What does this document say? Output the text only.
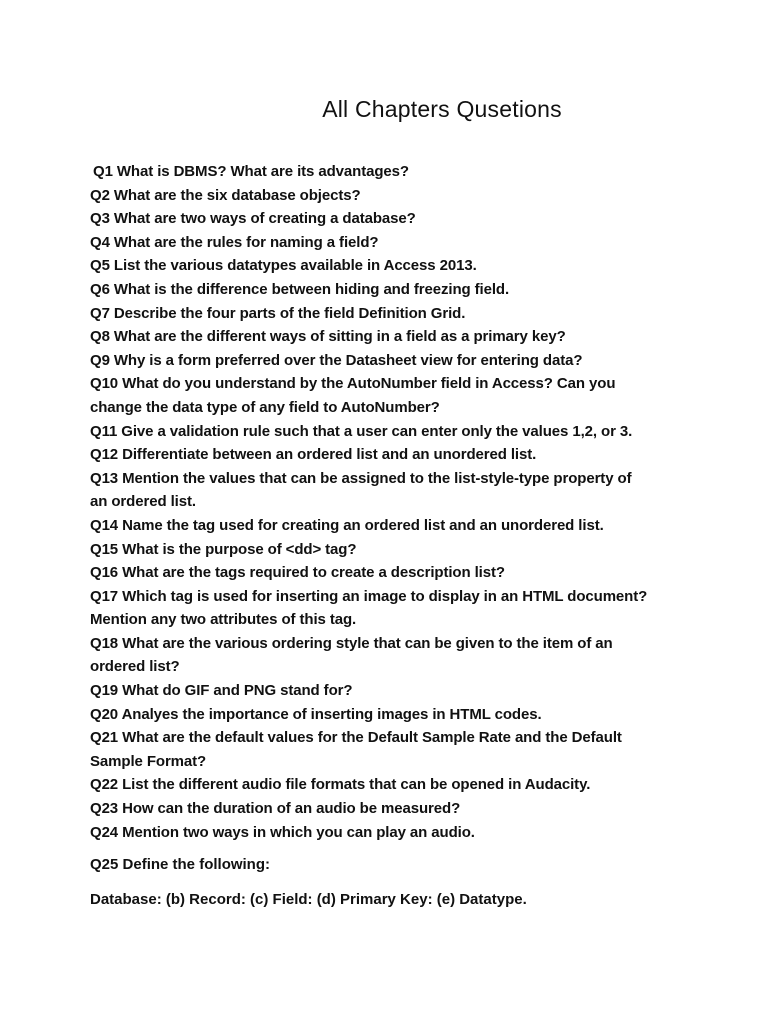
All Chapters Qusetions
Q1 What is DBMS? What are its advantages?
Q2 What are the six database objects?
Q3 What are two ways of creating a database?
Q4 What are the rules for naming a field?
Q5 List the various datatypes available in Access 2013.
Q6 What is the difference between hiding and freezing field.
Q7 Describe the four parts of the field Definition Grid.
Q8 What are the different ways of sitting in a field as a primary key?
Q9 Why is a form preferred over the Datasheet view for entering data?
Q10 What do you understand by the AutoNumber field in Access? Can you
change the data type of any field to AutoNumber?
Q11 Give a validation rule such that a user can enter only the values 1,2, or 3.
Q12 Differentiate between an ordered list and an unordered list.
Q13 Mention the values that can be assigned to the list-style-type property of
an ordered list.
Q14 Name the tag used for creating an ordered list and an unordered list.
Q15 What is the purpose of <dd> tag?
Q16 What are the tags required to create a description list?
Q17 Which tag is used for inserting an image to display in an HTML document?
Mention any two attributes of this tag.
Q18 What are the various ordering style that can be given to the item of an
ordered list?
Q19 What do GIF and PNG stand for?
Q20 Analyes the importance of inserting images in HTML codes.
Q21 What are the default values for the Default Sample Rate and the Default
Sample Format?
Q22 List the different audio file formats that can be opened in Audacity.
Q23 How can the duration of an audio be measured?
Q24 Mention two ways in which you can play an audio.

Q25 Define the following:

Database: (b) Record: (c) Field: (d) Primary Key: (e) Datatype.
